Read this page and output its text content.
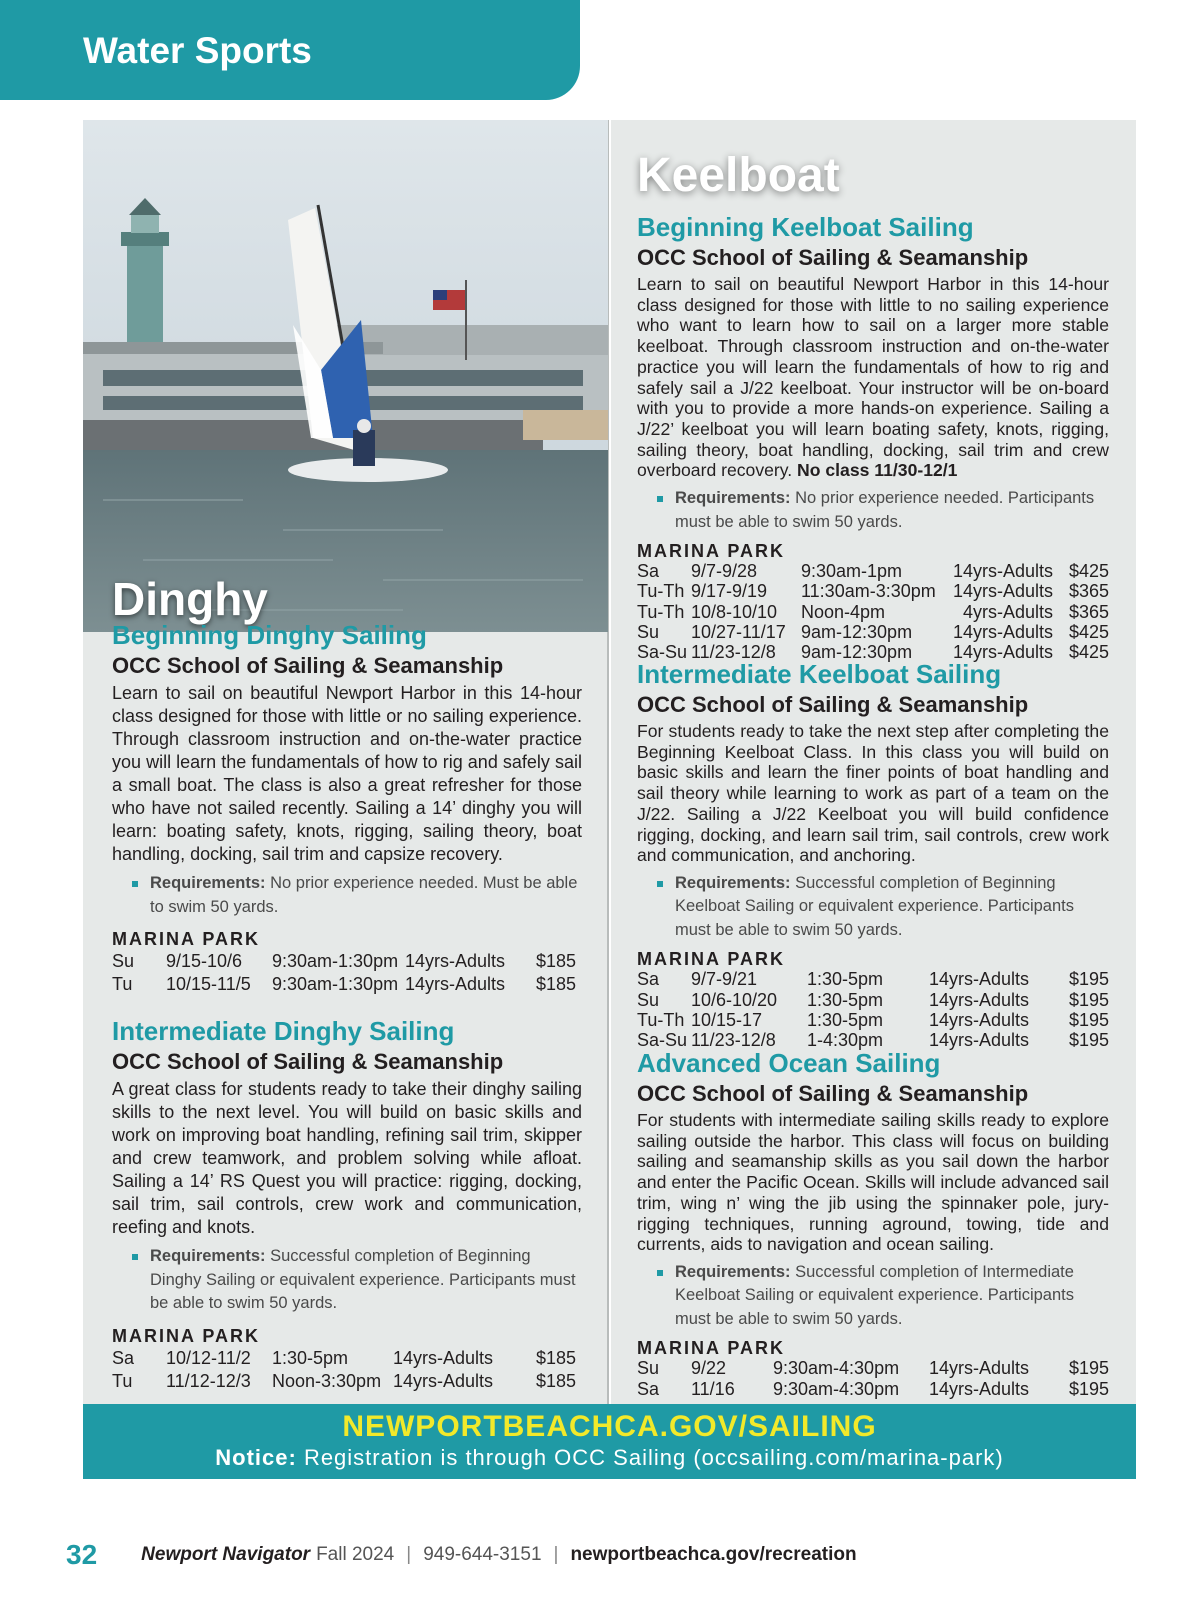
Water Sports
Dinghy
Keelboat
Beginning Dinghy Sailing
OCC School of Sailing & Seamanship

Learn to sail on beautiful Newport Harbor in this 14-hour class designed for those with little or no sailing experience. Through classroom instruction and on-the-water practice you will learn the fundamentals of how to rig and safely sail a small boat. The class is also a great refresher for those who have not sailed recently. Sailing a 14’ dinghy you will learn: boating safety, knots, rigging, sailing theory, boat handling, docking, sail trim and capsize recovery.

Requirements: No prior experience needed. Must be able to swim 50 yards.
MARINA PARK
Su	9/15-10/6	9:30am-1:30pm	14yrs-Adults	$185
Tu	10/15-11/5	9:30am-1:30pm	14yrs-Adults	$185
Intermediate Dinghy Sailing
OCC School of Sailing & Seamanship

A great class for students ready to take their dinghy sailing skills to the next level. You will build on basic skills and work on improving boat handling, refining sail trim, skipper and crew teamwork, and problem solving while afloat. Sailing a 14’ RS Quest you will practice: rigging, docking, sail trim, sail controls, crew work and communication, reefing and knots.

Requirements: Successful completion of Beginning Dinghy Sailing or equivalent experience. Participants must be able to swim 50 yards.
MARINA PARK
Sa	10/12-11/2	1:30-5pm	14yrs-Adults	$185
Tu	11/12-12/3	Noon-3:30pm	14yrs-Adults	$185
Beginning Keelboat Sailing
OCC School of Sailing & Seamanship

Learn to sail on beautiful Newport Harbor in this 14-hour class designed for those with little to no sailing experience who want to learn how to sail on a larger more stable keelboat. Through classroom instruction and on-the-water practice you will learn the fundamentals of how to rig and safely sail a J/22 keelboat. Your instructor will be on-board with you to provide a more hands-on experience. Sailing a J/22’ keelboat you will learn boating safety, knots, rigging, sailing theory, boat handling, docking, sail trim and crew overboard recovery. No class 11/30-12/1

Requirements: No prior experience needed. Participants must be able to swim 50 yards.
MARINA PARK
Sa	9/7-9/28	9:30am-1pm	14yrs-Adults	$425
Tu-Th	9/17-9/19	11:30am-3:30pm	14yrs-Adults	$365
Tu-Th	10/8-10/10	Noon-4pm	4yrs-Adults	$365
Su	10/27-11/17	9am-12:30pm	14yrs-Adults	$425
Sa-Su	11/23-12/8	9am-12:30pm	14yrs-Adults	$425
Intermediate Keelboat Sailing
OCC School of Sailing & Seamanship

For students ready to take the next step after completing the Beginning Keelboat Class. In this class you will build on basic skills and learn the finer points of boat handling and sail theory while learning to work as part of a team on the J/22. Sailing a J/22 Keelboat you will build confidence rigging, docking, and learn sail trim, sail controls, crew work and communication, and anchoring.

Requirements: Successful completion of Beginning Keelboat Sailing or equivalent experience. Participants must be able to swim 50 yards.
MARINA PARK
Sa	9/7-9/21	1:30-5pm	14yrs-Adults	$195
Su	10/6-10/20	1:30-5pm	14yrs-Adults	$195
Tu-Th	10/15-17	1:30-5pm	14yrs-Adults	$195
Sa-Su	11/23-12/8	1-4:30pm	14yrs-Adults	$195
Advanced Ocean Sailing
OCC School of Sailing & Seamanship

For students with intermediate sailing skills ready to explore sailing outside the harbor. This class will focus on building sailing and seamanship skills as you sail down the harbor and enter the Pacific Ocean. Skills will include advanced sail trim, wing n’ wing the jib using the spinnaker pole, jury-rigging techniques, running aground, towing, tide and currents, aids to navigation and ocean sailing.

Requirements: Successful completion of Intermediate Keelboat Sailing or equivalent experience. Participants must be able to swim 50 yards.
MARINA PARK
Su	9/22	9:30am-4:30pm	14yrs-Adults	$195
Sa	11/16	9:30am-4:30pm	14yrs-Adults	$195
NEWPORTBEACHCA.GOV/SAILING
Notice: Registration is through OCC Sailing (occsailing.com/marina-park)
32 Newport Navigator Fall 2024 | 949-644-3151 | newportbeachca.gov/recreation
